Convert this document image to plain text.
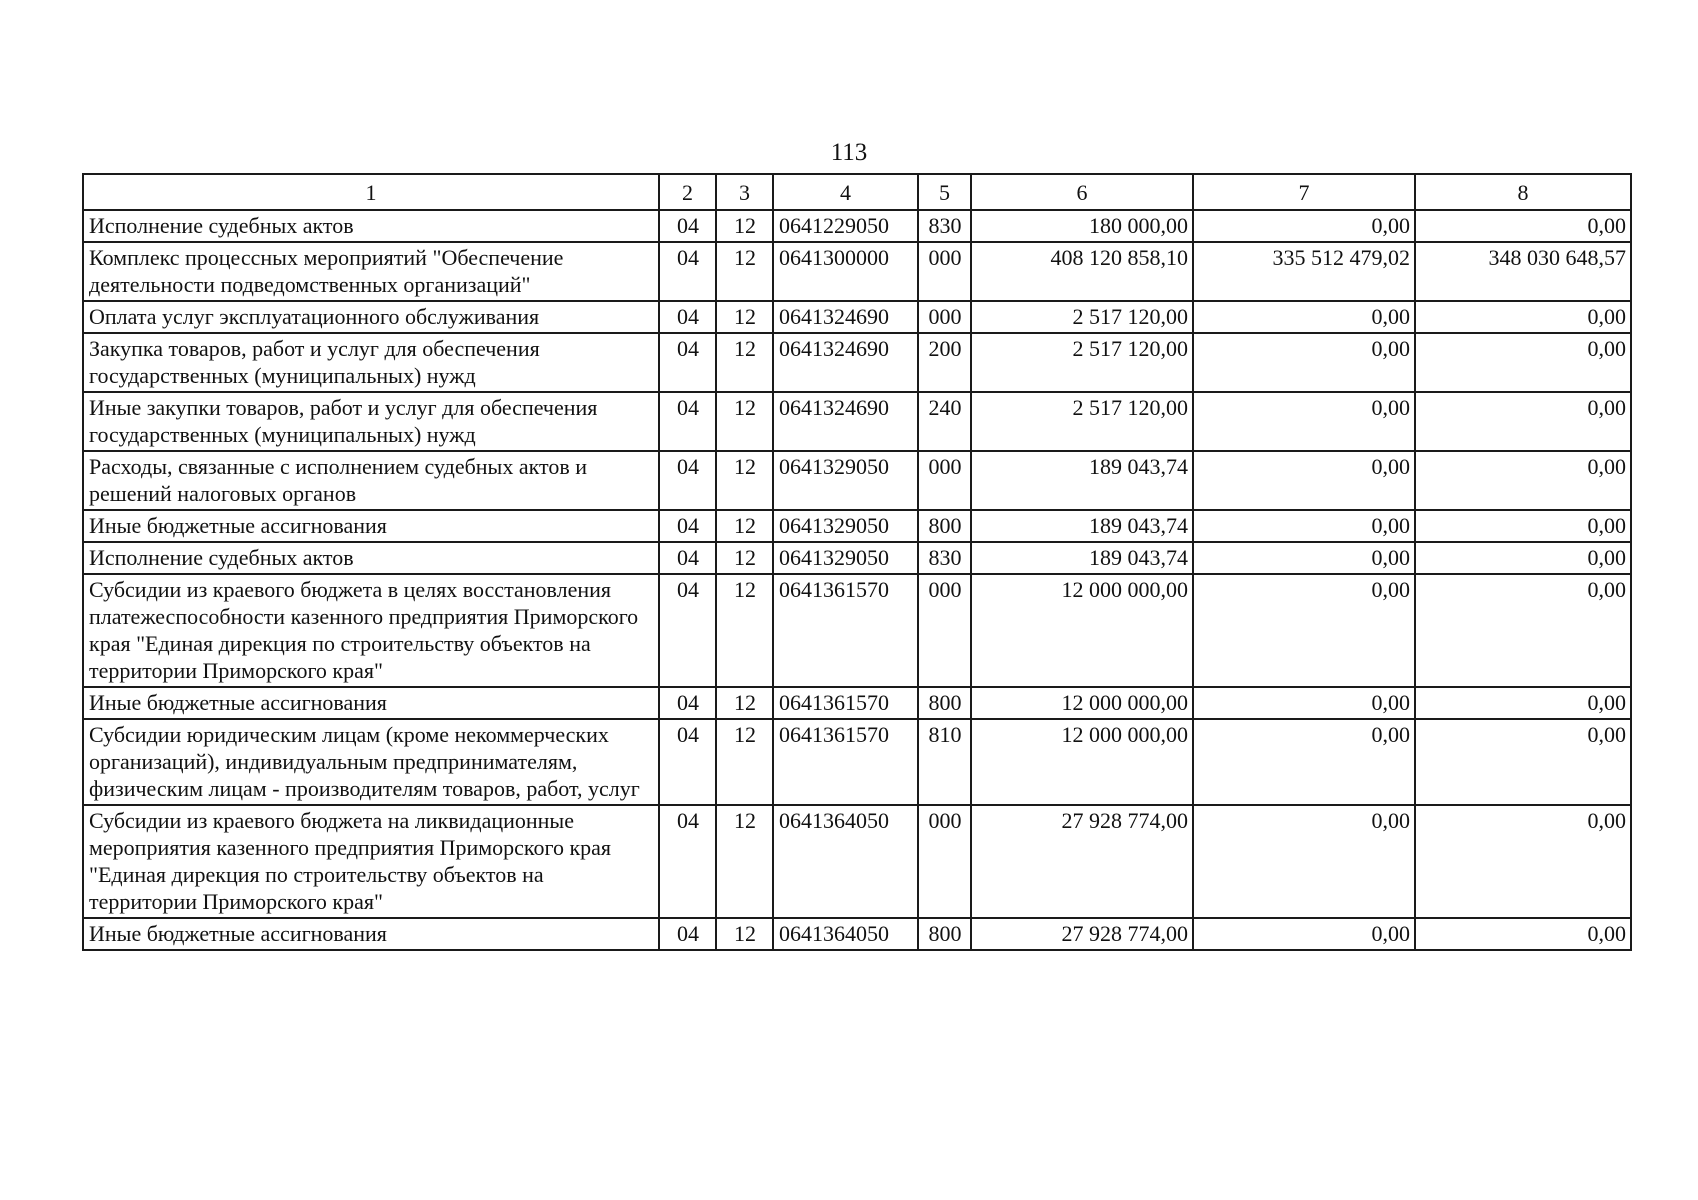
113
1	2	3	4	5	6	7	8
Исполнение судебных актов	04	12	0641229050	830	180 000,00	0,00	0,00
Комплекс процессных мероприятий "Обеспечение деятельности подведомственных организаций"	04	12	0641300000	000	408 120 858,10	335 512 479,02	348 030 648,57
Оплата услуг эксплуатационного обслуживания	04	12	0641324690	000	2 517 120,00	0,00	0,00
Закупка товаров, работ и услуг для обеспечения государственных (муниципальных) нужд	04	12	0641324690	200	2 517 120,00	0,00	0,00
Иные закупки товаров, работ и услуг для обеспечения государственных (муниципальных) нужд	04	12	0641324690	240	2 517 120,00	0,00	0,00
Расходы, связанные с исполнением судебных актов и решений налоговых органов	04	12	0641329050	000	189 043,74	0,00	0,00
Иные бюджетные ассигнования	04	12	0641329050	800	189 043,74	0,00	0,00
Исполнение судебных актов	04	12	0641329050	830	189 043,74	0,00	0,00
Субсидии из краевого бюджета в целях восстановления платежеспособности казенного предприятия Приморского края "Единая дирекция по строительству объектов на территории Приморского края"	04	12	0641361570	000	12 000 000,00	0,00	0,00
Иные бюджетные ассигнования	04	12	0641361570	800	12 000 000,00	0,00	0,00
Субсидии юридическим лицам (кроме некоммерческих организаций), индивидуальным предпринимателям, физическим лицам - производителям товаров, работ, услуг	04	12	0641361570	810	12 000 000,00	0,00	0,00
Субсидии из краевого бюджета на ликвидационные мероприятия казенного предприятия Приморского края "Единая дирекция по строительству объектов на территории Приморского края"	04	12	0641364050	000	27 928 774,00	0,00	0,00
Иные бюджетные ассигнования	04	12	0641364050	800	27 928 774,00	0,00	0,00
